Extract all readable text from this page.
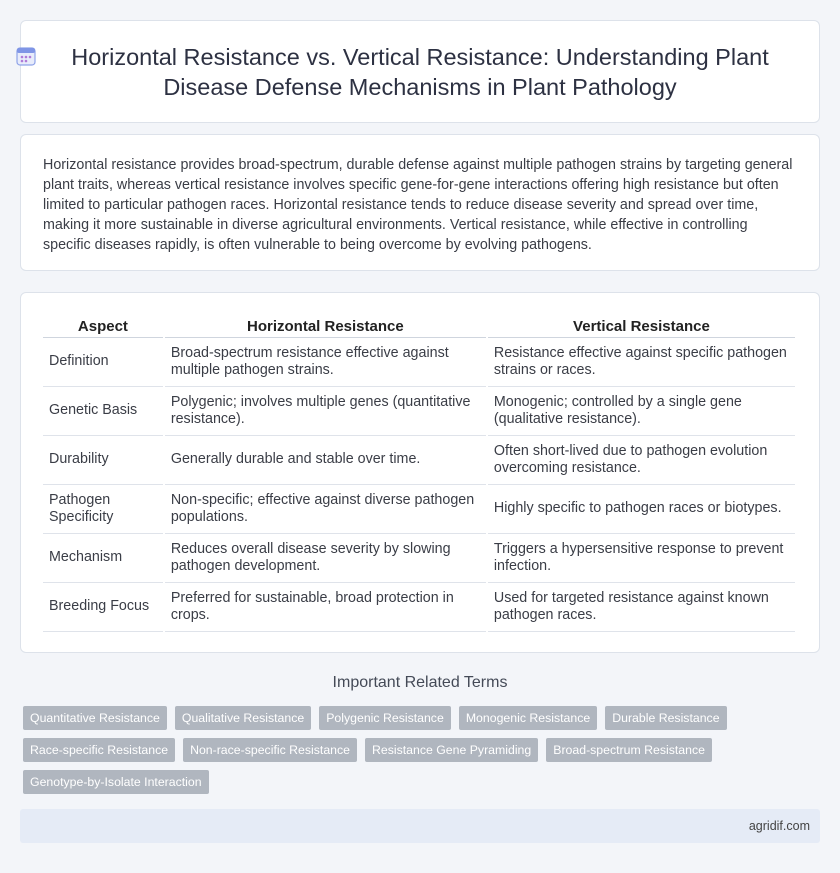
Horizontal Resistance vs. Vertical Resistance: Understanding Plant Disease Defense Mechanisms in Plant Pathology

Horizontal resistance provides broad-spectrum, durable defense against multiple pathogen strains by targeting general plant traits, whereas vertical resistance involves specific gene-for-gene interactions offering high resistance but often limited to particular pathogen races. Horizontal resistance tends to reduce disease severity and spread over time, making it more sustainable in diverse agricultural environments. Vertical resistance, while effective in controlling specific diseases rapidly, is often vulnerable to being overcome by evolving pathogens.

Aspect	Horizontal Resistance	Vertical Resistance
Definition	Broad-spectrum resistance effective against multiple pathogen strains.	Resistance effective against specific pathogen strains or races.
Genetic Basis	Polygenic; involves multiple genes (quantitative resistance).	Monogenic; controlled by a single gene (qualitative resistance).
Durability	Generally durable and stable over time.	Often short-lived due to pathogen evolution overcoming resistance.
Pathogen Specificity	Non-specific; effective against diverse pathogen populations.	Highly specific to pathogen races or biotypes.
Mechanism	Reduces overall disease severity by slowing pathogen development.	Triggers a hypersensitive response to prevent infection.
Breeding Focus	Preferred for sustainable, broad protection in crops.	Used for targeted resistance against known pathogen races.
Important Related Terms
Quantitative Resistance	Qualitative Resistance	Polygenic Resistance	Monogenic Resistance	Durable Resistance
Race-specific Resistance	Non-race-specific Resistance	Resistance Gene Pyramiding	Broad-spectrum Resistance
Genotype-by-Isolate Interaction
agridif.com
